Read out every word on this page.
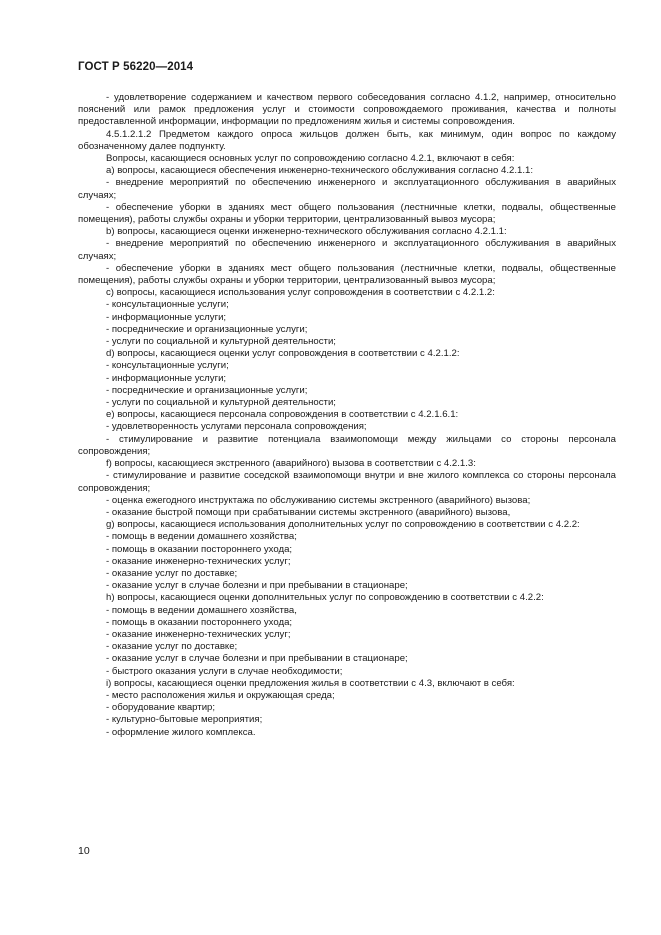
ГОСТ Р 56220—2014

- удовлетворение содержанием и качеством первого собеседования согласно 4.1.2, например, относительно пояснений или рамок предложения услуг и стоимости сопровождаемого проживания, качества и полноты предоставленной информации, информации по предложениям жилья и системы сопровождения.

4.5.1.2.1.2 Предметом каждого опроса жильцов должен быть, как минимум, один вопрос по каждому обозначенному далее подпункту.

Вопросы, касающиеся основных услуг по сопровождению согласно 4.2.1, включают в себя:

a) вопросы, касающиеся обеспечения инженерно-технического обслуживания согласно 4.2.1.1:

- внедрение мероприятий по обеспечению инженерного и эксплуатационного обслуживания в аварийных случаях;

- обеспечение уборки в зданиях мест общего пользования (лестничные клетки, подвалы, общественные помещения), работы службы охраны и уборки территории, централизованный вывоз мусора;

b) вопросы, касающиеся оценки инженерно-технического обслуживания согласно 4.2.1.1:

- внедрение мероприятий по обеспечению инженерного и эксплуатационного обслуживания в аварийных случаях;

- обеспечение уборки в зданиях мест общего пользования (лестничные клетки, подвалы, общественные помещения), работы службы охраны и уборки территории, централизованный вывоз мусора;

c) вопросы, касающиеся использования услуг сопровождения в соответствии с 4.2.1.2:

- консультационные услуги;

- информационные услуги;

- посреднические и организационные услуги;

- услуги по социальной и культурной деятельности;

d) вопросы, касающиеся оценки услуг сопровождения в соответствии с 4.2.1.2:

- консультационные услуги;

- информационные услуги;

- посреднические и организационные услуги;

- услуги по социальной и культурной деятельности;

e) вопросы, касающиеся персонала сопровождения в соответствии с 4.2.1.6.1:

- удовлетворенность услугами персонала сопровождения;

- стимулирование и развитие потенциала взаимопомощи между жильцами со стороны персонала сопровождения;

f) вопросы, касающиеся экстренного (аварийного) вызова в соответствии с 4.2.1.3:

- стимулирование и развитие соседской взаимопомощи внутри и вне жилого комплекса со стороны персонала сопровождения;

- оценка ежегодного инструктажа по обслуживанию системы экстренного (аварийного) вызова;

- оказание быстрой помощи при срабатывании системы экстренного (аварийного) вызова,

g) вопросы, касающиеся использования дополнительных услуг по сопровождению в соответствии с 4.2.2:

- помощь в ведении домашнего хозяйства;

- помощь в оказании постороннего ухода;

- оказание инженерно-технических услуг;

- оказание услуг по доставке;

- оказание услуг в случае болезни и при пребывании в стационаре;

h) вопросы, касающиеся оценки дополнительных услуг по сопровождению в соответствии с 4.2.2:

- помощь в ведении домашнего хозяйства,

- помощь в оказании постороннего ухода;

- оказание инженерно-технических услуг;

- оказание услуг по доставке;

- оказание услуг в случае болезни и при пребывании в стационаре;

- быстрого оказания услуги в случае необходимости;

i) вопросы, касающиеся оценки предложения жилья в соответствии с 4.3, включают в себя:

- место расположения жилья и окружающая среда;

- оборудование квартир;

- культурно-бытовые мероприятия;

- оформление жилого комплекса.

10
